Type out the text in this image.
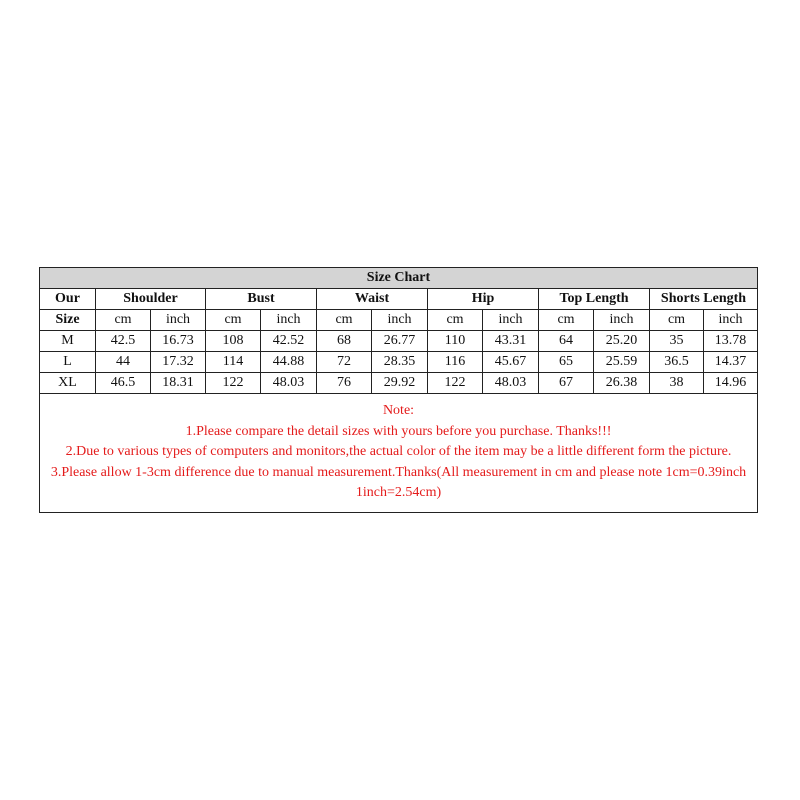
Size Chart												
Our	Shoulder		Bust		Waist		Hip		Top Length		Shorts Length	
Size	cm	inch	cm	inch	cm	inch	cm	inch	cm	inch	cm	inch
M	42.5	16.73	108	42.52	68	26.77	110	43.31	64	25.20	35	13.78
L	44	17.32	114	44.88	72	28.35	116	45.67	65	25.59	36.5	14.37
XL	46.5	18.31	122	48.03	76	29.92	122	48.03	67	26.38	38	14.96

Note:
1.Please compare the detail sizes with yours before you purchase. Thanks!!!
2.Due to various types of computers and monitors,the actual color of the item may be a little different form the picture.
3.Please allow 1-3cm difference due to manual measurement.Thanks(All measurement in cm and please note 1cm=0.39inch 1inch=2.54cm)												
